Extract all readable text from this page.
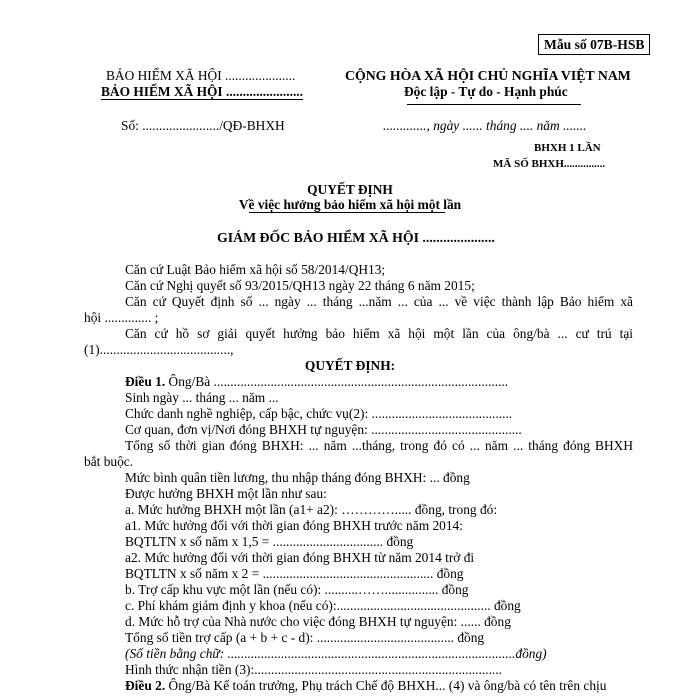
Mẫu số 07B-HSB
BẢO HIỂM XÃ HỘI .....................
BẢO HIỂM XÃ HỘI .......................
Số: ......................./QĐ-BHXH
CỘNG HÒA XÃ HỘI CHỦ NGHĨA VIỆT NAM
Độc lập - Tự do - Hạnh phúc
............., ngày ...... tháng .... năm .......
BHXH 1 LẦN
MÃ SỐ BHXH...............
QUYẾT ĐỊNH
Về việc hưởng bảo hiểm xã hội một lần
GIÁM ĐỐC BẢO HIỂM XÃ HỘI .....................
Căn cứ Luật Bảo hiểm xã hội số 58/2014/QH13;
Căn cứ Nghị quyết số 93/2015/QH13 ngày 22 tháng 6 năm 2015;
Căn cứ Quyết định số ... ngày ... tháng ...năm ... của ... về việc thành lập Bảo hiểm xã
hội .............. ;
Căn cứ hồ sơ giải quyết hưởng bảo hiểm xã hội một lần của ông/bà ... cư trú tại
(1).......................................,
QUYẾT ĐỊNH:
Điều 1. Ông/Bà ........................................................................................
Sinh ngày ... tháng ... năm ...
Chức danh nghề nghiệp, cấp bậc, chức vụ(2): ..........................................
Cơ quan, đơn vị/Nơi đóng BHXH tự nguyện: .............................................
Tổng số thời gian đóng BHXH: ... năm ...tháng, trong đó có ... năm ... tháng đóng BHXH
bắt buộc.
Mức bình quân tiền lương, thu nhập tháng đóng BHXH: ... đồng
Được hưởng BHXH một lần như sau:
a. Mức hưởng BHXH một lần (a1+ a2): …………..... đồng, trong đó:
a1. Mức hưởng đối với thời gian đóng BHXH trước năm 2014:
BQTLTN x số năm x 1,5 = ................................. đồng
a2. Mức hưởng đối với thời gian đóng BHXH từ năm 2014 trở đi
BQTLTN x số năm x 2 = ................................................... đồng
b. Trợ cấp khu vực một lần (nếu có): ..........……................ đồng
c. Phí khám giám định y khoa (nếu có):.............................................. đồng
d. Mức hỗ trợ của Nhà nước cho việc đóng BHXH tự nguyện: ...... đồng
Tổng số tiền trợ cấp (a + b + c - d): ......................................... đồng
(Số tiền bằng chữ: ......................................................................................đồng)
Hình thức nhận tiền (3):..........................................................................
Điều 2. Ông/Bà Kế toán trưởng, Phụ trách Chế độ BHXH... (4) và ông/bà có tên trên chịu
